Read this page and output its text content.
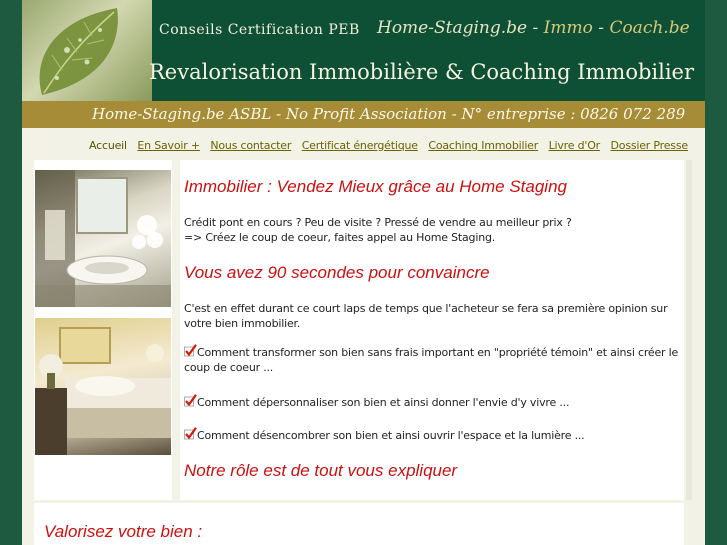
Conseils Certification PEB Home-Staging.be - Immo - Coach.be
Revalorisation Immobilière & Coaching Immobilier
Home-Staging.be ASBL - No Profit Association - N° entreprise : 0826 072 289
Accueil En Savoir + Nous contacter Certificat énergétique Coaching Immobilier Livre d'Or Dossier Presse
Immobilier : Vendez Mieux grâce au Home Staging

Crédit pont en cours ? Peu de visite ? Pressé de vendre au meilleur prix ?

=> Créez le coup de coeur, faites appel au Home Staging.

Vous avez 90 secondes pour convaincre

C'est en effet durant ce court laps de temps que l'acheteur se fera sa première opinion sur votre bien immobilier.

Comment transformer son bien sans frais important en "propriété témoin" et ainsi créer le coup de coeur ...

Comment dépersonnaliser son bien et ainsi donner l'envie d'y vivre ...

Comment désencombrer son bien et ainsi ouvrir l'espace et la lumière ...

Notre rôle est de tout vous expliquer
Valorisez votre bien :
